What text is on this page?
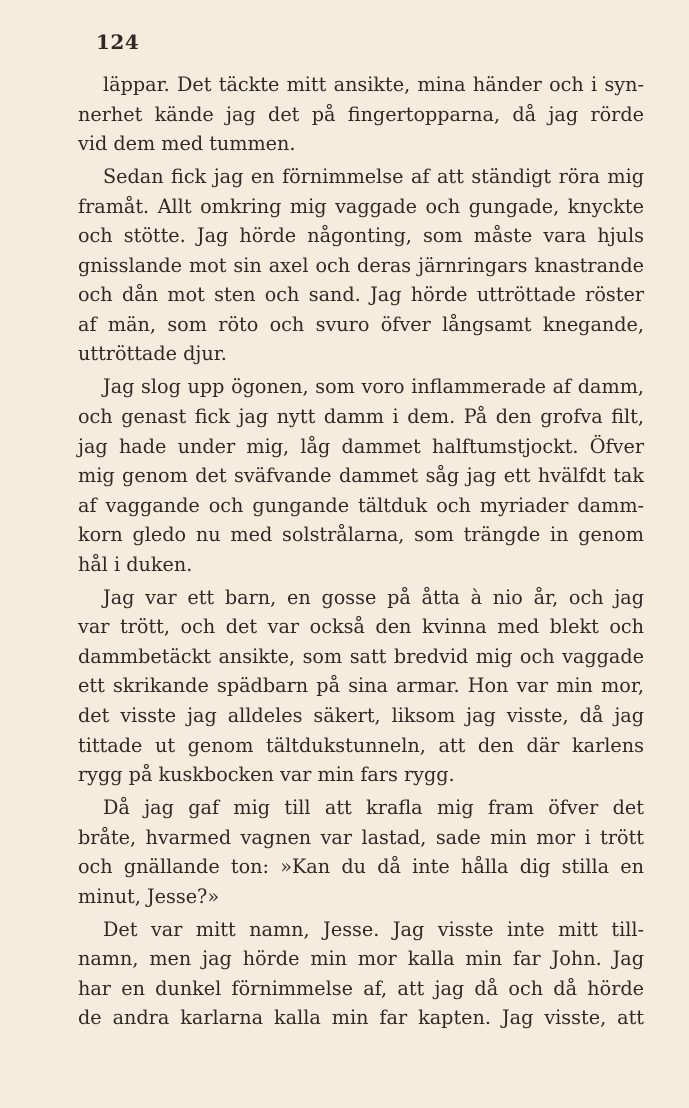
124
läppar. Det täckte mitt ansikte, mina händer och i syn-
nerhet kände jag det på fingertopparna, då jag rörde
vid dem med tummen.
Sedan fick jag en förnimmelse af att ständigt röra mig
framåt. Allt omkring mig vaggade och gungade, knyckte
och stötte. Jag hörde någonting, som måste vara hjuls
gnisslande mot sin axel och deras järnringars knastrande
och dån mot sten och sand. Jag hörde uttröttade röster
af män, som röto och svuro öfver långsamt knegande,
uttröttade djur.
Jag slog upp ögonen, som voro inflammerade af damm,
och genast fick jag nytt damm i dem. På den grofva filt,
jag hade under mig, låg dammet halftumstjockt. Öfver
mig genom det sväfvande dammet såg jag ett hvälfdt tak
af vaggande och gungande tältduk och myriader damm-
korn gledo nu med solstrålarna, som trängde in genom
hål i duken.
Jag var ett barn, en gosse på åtta à nio år, och jag
var trött, och det var också den kvinna med blekt och
dammbetäckt ansikte, som satt bredvid mig och vaggade
ett skrikande spädbarn på sina armar. Hon var min mor,
det visste jag alldeles säkert, liksom jag visste, då jag
tittade ut genom tältdukstunneln, att den där karlens
rygg på kuskbocken var min fars rygg.
Då jag gaf mig till att krafla mig fram öfver det
bråte, hvarmed vagnen var lastad, sade min mor i trött
och gnällande ton: »Kan du då inte hålla dig stilla en
minut, Jesse?»
Det var mitt namn, Jesse. Jag visste inte mitt till-
namn, men jag hörde min mor kalla min far John. Jag
har en dunkel förnimmelse af, att jag då och då hörde
de andra karlarna kalla min far kapten. Jag visste, att
